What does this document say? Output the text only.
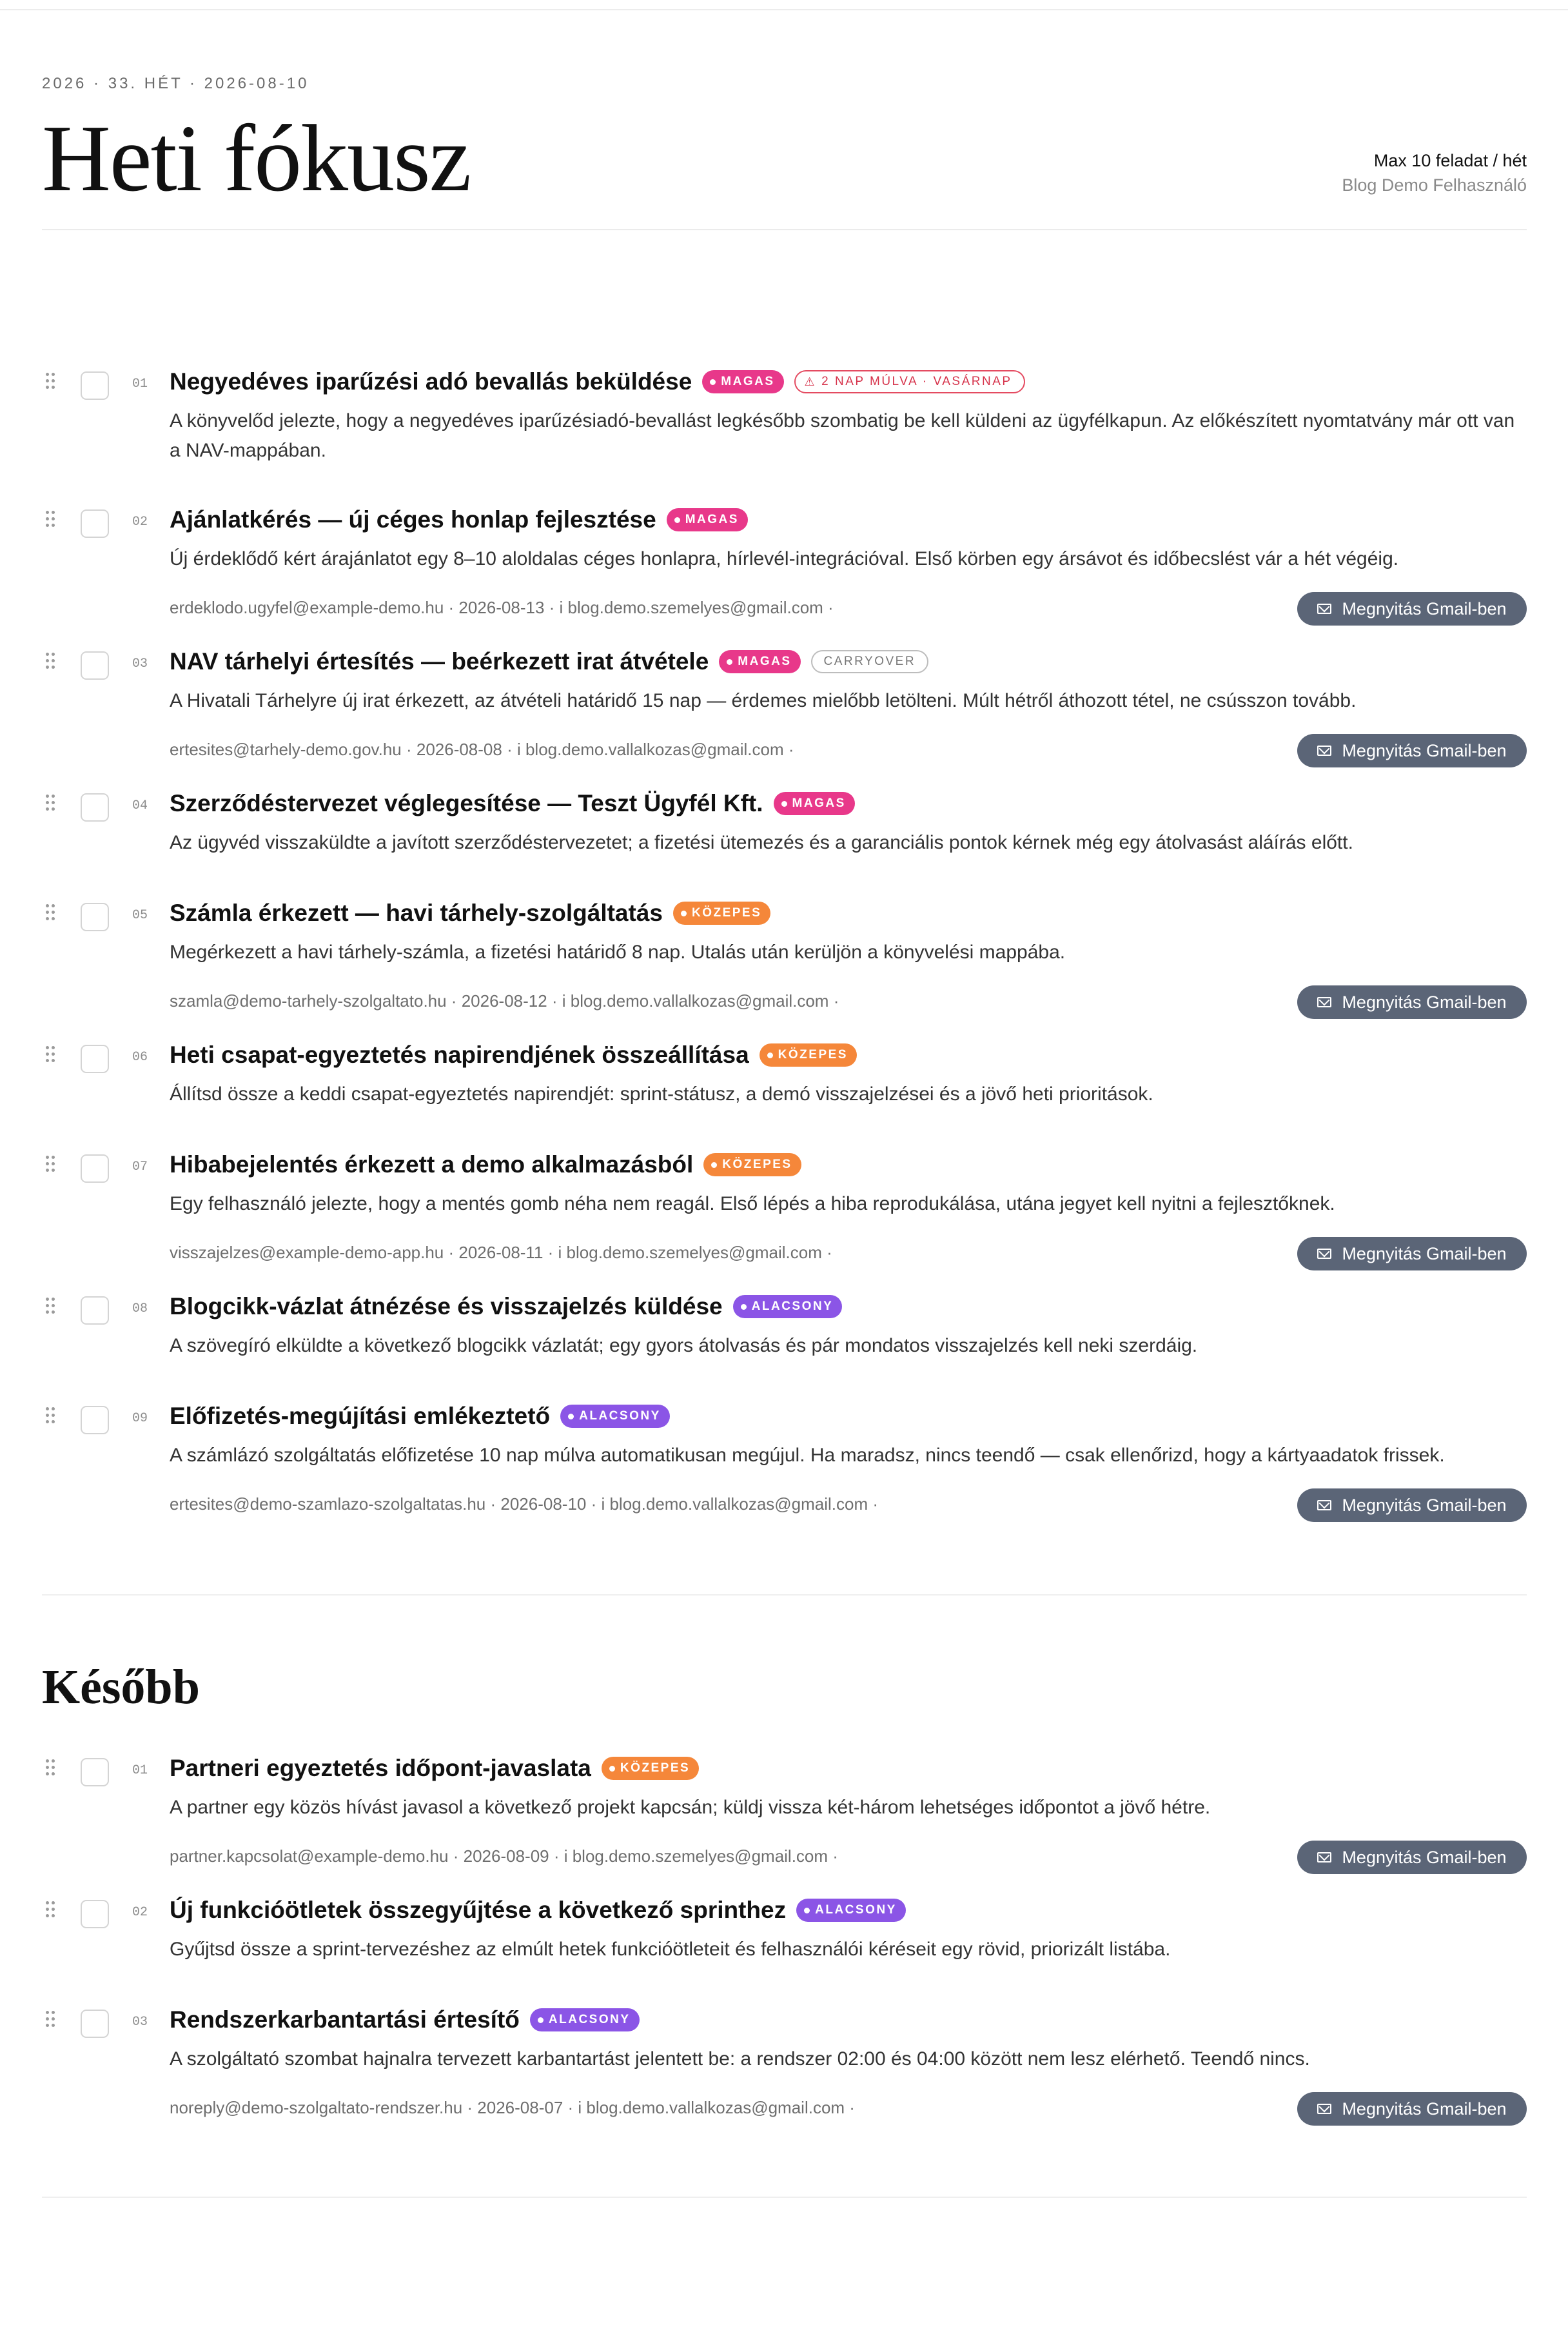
2026 · 33. HÉT · 2026-08-10
Heti fókusz	Max 10 feladat / hét
Blog Demo Felhasználó
01 Negyedéves iparűzési adó bevallás beküldése MAGAS	⚠ 2 NAP MÚLVA · VASÁRNAP
A könyvelőd jelezte, hogy a negyedéves iparűzésiadó-bevallást legkésőbb szombatig be kell küldeni az ügyfélkapun. Az előkészített nyomtatvány már ott van a NAV-mappában.
02 Ajánlatkérés — új céges honlap fejlesztése MAGAS
Új érdeklődő kért árajánlatot egy 8–10 aloldalas céges honlapra, hírlevél-integrációval. Első körben egy ársávot és időbecslést vár a hét végéig.
erdeklodo.ugyfel@example-demo.hu · 2026-08-13 · i blog.demo.szemelyes@gmail.com ·	Megnyitás Gmail-ben
03 NAV tárhelyi értesítés — beérkezett irat átvétele MAGAS	CARRYOVER
A Hivatali Tárhelyre új irat érkezett, az átvételi határidő 15 nap — érdemes mielőbb letölteni. Múlt hétről áthozott tétel, ne csússzon tovább.
ertesites@tarhely-demo.gov.hu · 2026-08-08 · i blog.demo.vallalkozas@gmail.com ·	Megnyitás Gmail-ben
04 Szerződéstervezet véglegesítése — Teszt Ügyfél Kft. MAGAS
Az ügyvéd visszaküldte a javított szerződéstervezetet; a fizetési ütemezés és a garanciális pontok kérnek még egy átolvasást aláírás előtt.
05 Számla érkezett — havi tárhely-szolgáltatás KÖZEPES
Megérkezett a havi tárhely-számla, a fizetési határidő 8 nap. Utalás után kerüljön a könyvelési mappába.
szamla@demo-tarhely-szolgaltato.hu · 2026-08-12 · i blog.demo.vallalkozas@gmail.com ·	Megnyitás Gmail-ben
06 Heti csapat-egyeztetés napirendjének összeállítása KÖZEPES
Állítsd össze a keddi csapat-egyeztetés napirendjét: sprint-státusz, a demó visszajelzései és a jövő heti prioritások.
07 Hibabejelentés érkezett a demo alkalmazásból KÖZEPES
Egy felhasználó jelezte, hogy a mentés gomb néha nem reagál. Első lépés a hiba reprodukálása, utána jegyet kell nyitni a fejlesztőknek.
visszajelzes@example-demo-app.hu · 2026-08-11 · i blog.demo.szemelyes@gmail.com ·	Megnyitás Gmail-ben
08 Blogcikk-vázlat átnézése és visszajelzés küldése ALACSONY
A szövegíró elküldte a következő blogcikk vázlatát; egy gyors átolvasás és pár mondatos visszajelzés kell neki szerdáig.
09 Előfizetés-megújítási emlékeztető ALACSONY
A számlázó szolgáltatás előfizetése 10 nap múlva automatikusan megújul. Ha maradsz, nincs teendő — csak ellenőrizd, hogy a kártyaadatok frissek.
ertesites@demo-szamlazo-szolgaltatas.hu · 2026-08-10 · i blog.demo.vallalkozas@gmail.com ·	Megnyitás Gmail-ben
Később
01 Partneri egyeztetés időpont-javaslata KÖZEPES
A partner egy közös hívást javasol a következő projekt kapcsán; küldj vissza két-három lehetséges időpontot a jövő hétre.
partner.kapcsolat@example-demo.hu · 2026-08-09 · i blog.demo.szemelyes@gmail.com ·	Megnyitás Gmail-ben
02 Új funkcióötletek összegyűjtése a következő sprinthez ALACSONY
Gyűjtsd össze a sprint-tervezéshez az elmúlt hetek funkcióötleteit és felhasználói kéréseit egy rövid, priorizált listába.
03 Rendszerkarbantartási értesítő ALACSONY
A szolgáltató szombat hajnalra tervezett karbantartást jelentett be: a rendszer 02:00 és 04:00 között nem lesz elérhető. Teendő nincs.
noreply@demo-szolgaltato-rendszer.hu · 2026-08-07 · i blog.demo.vallalkozas@gmail.com ·	Megnyitás Gmail-ben
